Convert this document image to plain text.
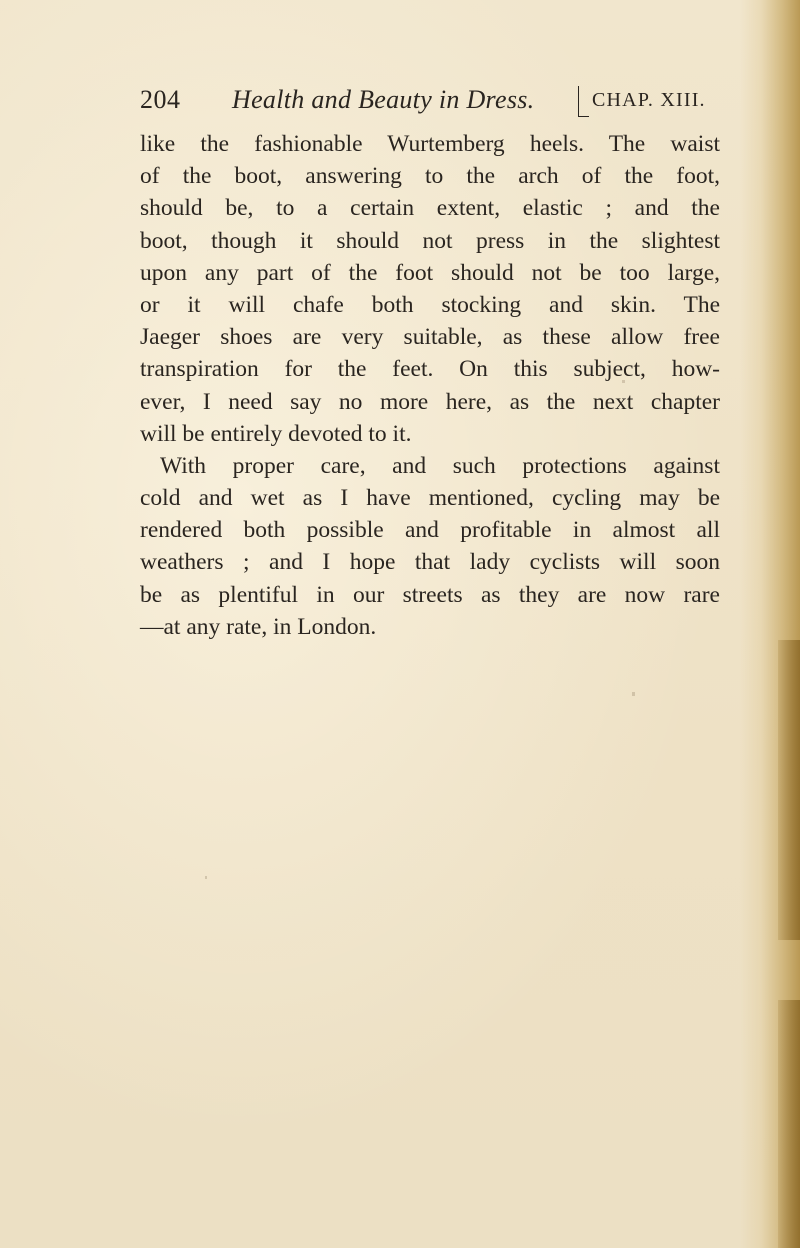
204 Health and Beauty in Dress.	CHAP. XIII.
like the fashionable Wurtemberg heels. The waist
of the boot, answering to the arch of the foot,
should be, to a certain extent, elastic ; and the
boot, though it should not press in the slightest
upon any part of the foot should not be too large,
or it will chafe both stocking and skin. The
Jaeger shoes are very suitable, as these allow free
transpiration for the feet. On this subject, how-
ever, I need say no more here, as the next chapter
will be entirely devoted to it.
With proper care, and such protections against
cold and wet as I have mentioned, cycling may be
rendered both possible and profitable in almost all
weathers ; and I hope that lady cyclists will soon
be as plentiful in our streets as they are now rare
—at any rate, in London.
